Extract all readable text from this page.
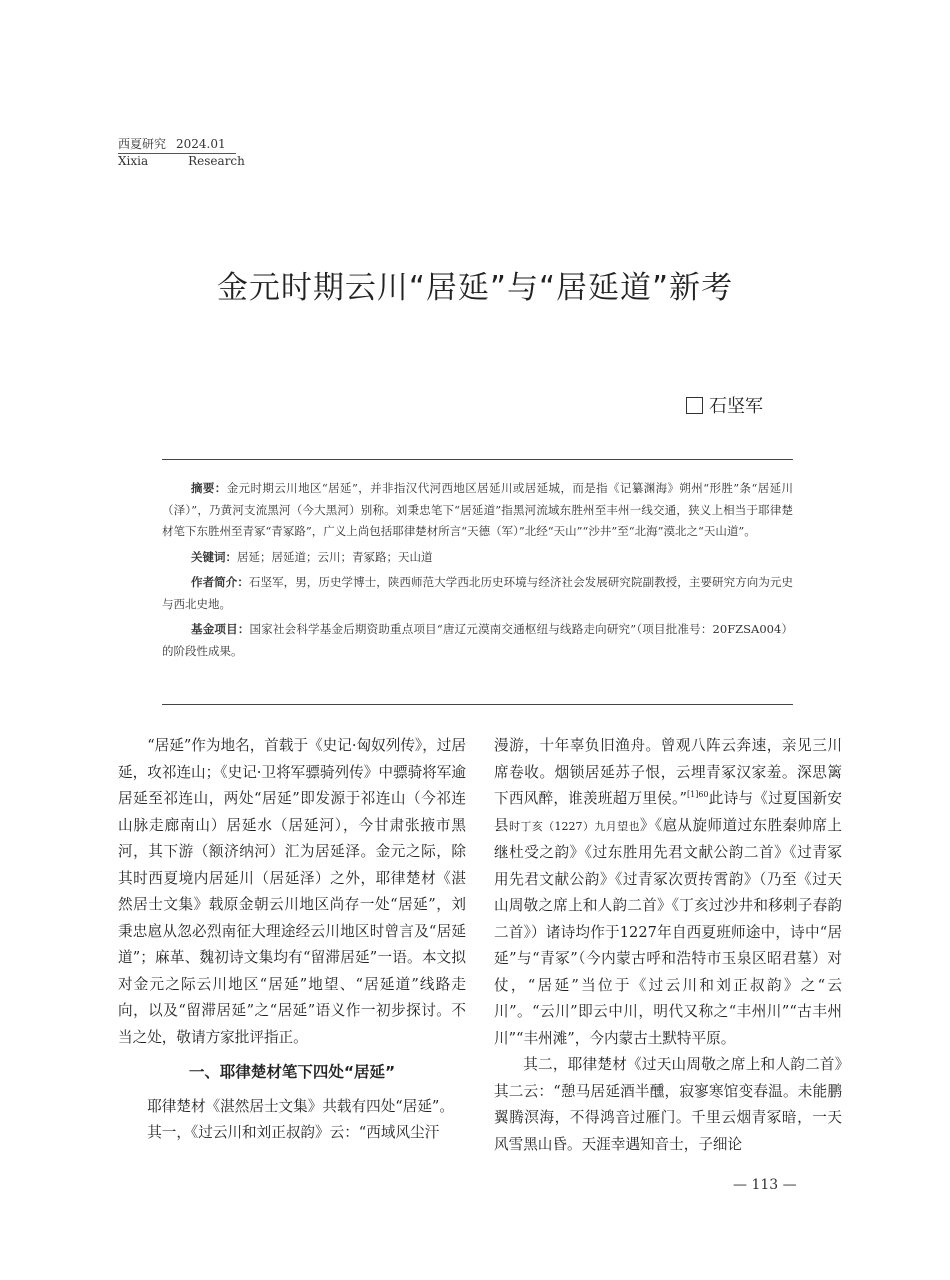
西夏研究 2024.01
Xixia	Research
金元时期云川“居延”与“居延道”新考
石坚军

摘要：金元时期云川地区“居延”，并非指汉代河西地区居延川或居延城，而是指《记纂渊海》朔州“形胜”条“居延川（泽）”，乃黄河支流黑河（今大黑河）别称。刘秉忠笔下“居延道”指黑河流域东胜州至丰州一线交通，狭义上相当于耶律楚材笔下东胜州至青冢“青冢路”，广义上尚包括耶律楚材所言“天德（军）”北经“天山”“沙井”至“北海”漠北之“天山道”。

关键词：居延；居延道；云川；青冢路；天山道

作者简介：石坚军，男，历史学博士，陕西师范大学西北历史环境与经济社会发展研究院副教授，主要研究方向为元史与西北史地。

基金项目：国家社会科学基金后期资助重点项目“唐辽元漠南交通枢纽与线路走向研究”（项目批准号：20FZSA004）的阶段性成果。

“居延”作为地名，首载于《史记·匈奴列传》，过居延，攻祁连山；《史记·卫将军骠骑列传》中骠骑将军逾居延至祁连山，两处“居延”即发源于祁连山（今祁连山脉走廊南山）居延水（居延河），今甘肃张掖市黑河，其下游（额济纳河）汇为居延泽。金元之际，除其时西夏境内居延川（居延泽）之外，耶律楚材《湛然居士文集》载原金朝云川地区尚存一处“居延”，刘秉忠扈从忽必烈南征大理途经云川地区时曾言及“居延道”；麻革、魏初诗文集均有“留滞居延”一语。本文拟对金元之际云川地区“居延”地望、“居延道”线路走向，以及“留滞居延”之“居延”语义作一初步探讨。不当之处，敬请方家批评指正。

一、耶律楚材笔下四处“居延”

耶律楚材《湛然居士文集》共载有四处“居延”。

其一，《过云川和刘正叔韵》云：“西域风尘汗

漫游，十年辜负旧渔舟。曾观八阵云奔速，亲见三川席卷收。烟锁居延苏子恨，云埋青冢汉家羞。深思篱下西风醉，谁羡班超万里侯。”$^{[1]60}$此诗与《过夏国新安县时丁亥（1227）九月望也》《扈从旋师道过东胜秦帅席上继杜受之韵》《过东胜用先君文献公韵二首》《过青冢用先君文献公韵》《过青冢次贾抟霄韵》（乃至《过天山周敬之席上和人韵二首》《丁亥过沙井和移剌子春韵二首》）诸诗均作于1227年自西夏班师途中，诗中“居延”与“青冢”（今内蒙古呼和浩特市玉泉区昭君墓）对仗，“居延”当位于《过云川和刘正叔韵》之“云川”。“云川”即云中川，明代又称之“丰州川”“古丰州川”“丰州滩”，今内蒙古土默特平原。

其二，耶律楚材《过天山周敬之席上和人韵二首》其二云：“憩马居延酒半醺，寂寥寒馆变春温。未能鹏翼腾溟海，不得鸿音过雁门。千里云烟青冢暗，一天风雪黑山昏。天涯幸遇知音士，子细论

— 113 —
